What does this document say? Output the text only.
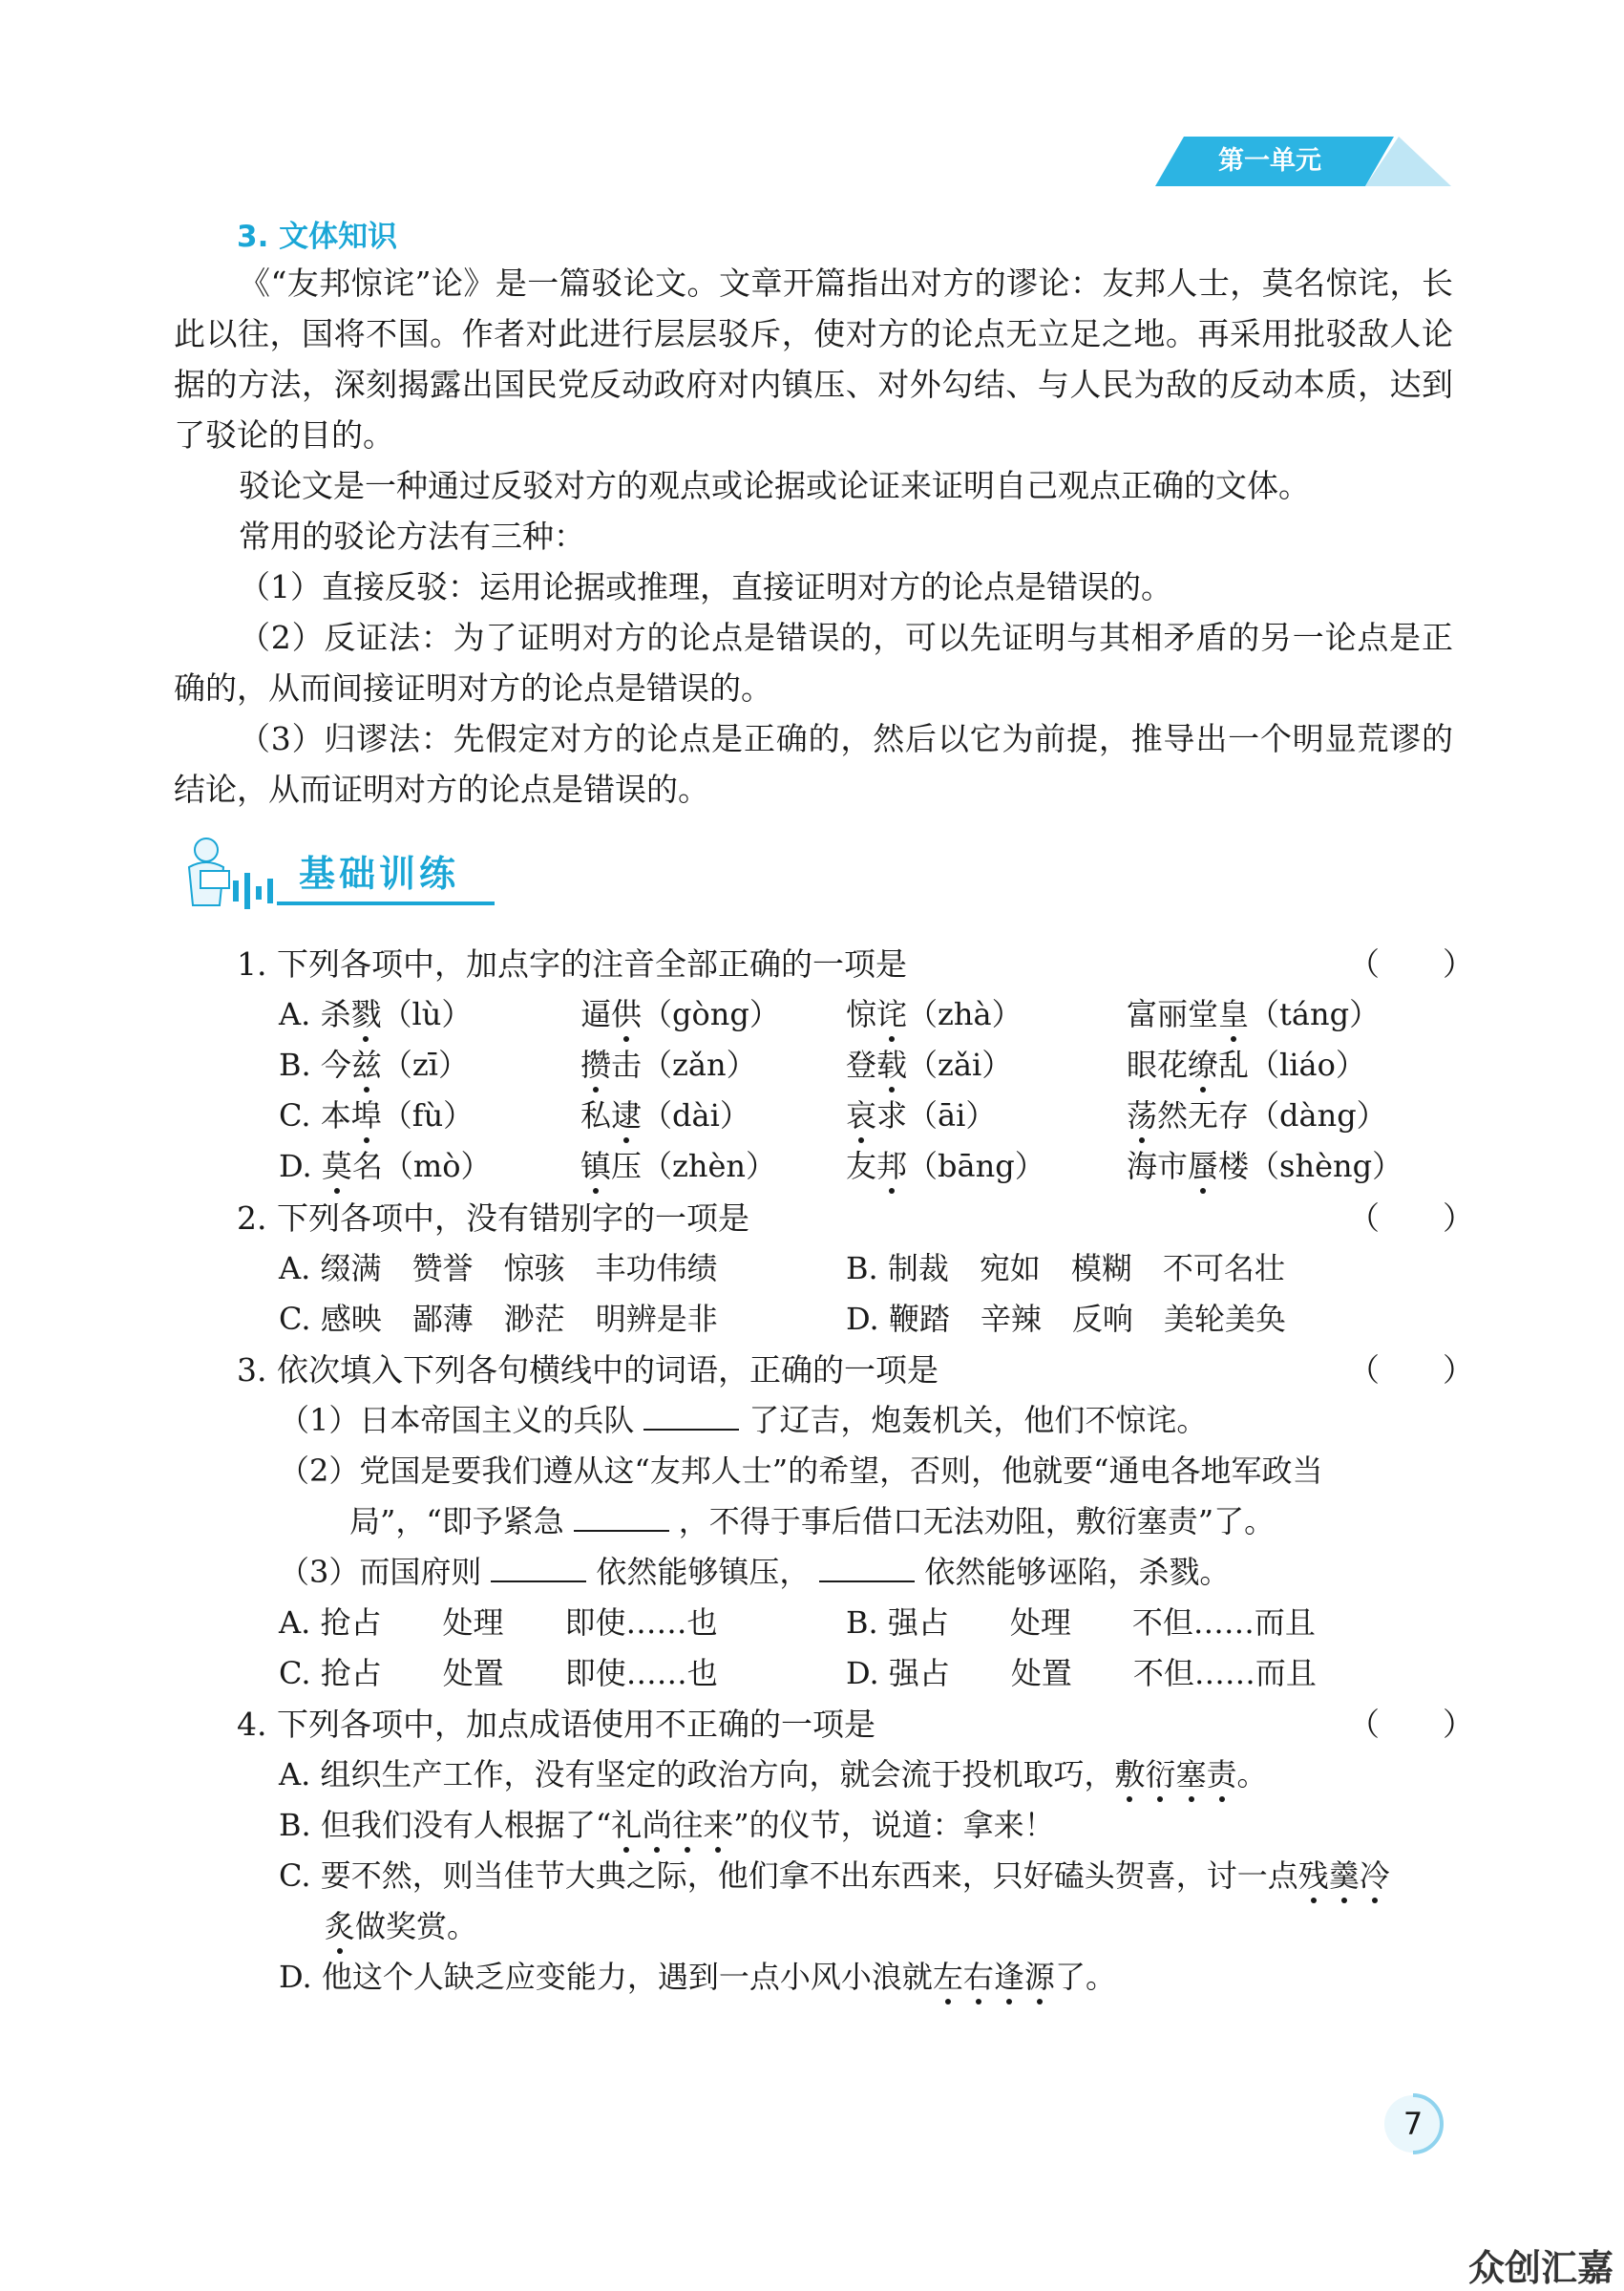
第一单元
3. 文体知识
《“友邦惊诧”论》是一篇驳论文。文章开篇指出对方的谬论：友邦人士，莫名惊诧，长此以往，国将不国。作者对此进行层层驳斥，使对方的论点无立足之地。再采用批驳敌人论据的方法，深刻揭露出国民党反动政府对内镇压、对外勾结、与人民为敌的反动本质，达到了驳论的目的。
驳论文是一种通过反驳对方的观点或论据或论证来证明自己观点正确的文体。
常用的驳论方法有三种：
（1）直接反驳：运用论据或推理，直接证明对方的论点是错误的。
（2）反证法：为了证明对方的论点是错误的，可以先证明与其相矛盾的另一论点是正确的，从而间接证明对方的论点是错误的。
（3）归谬法：先假定对方的论点是正确的，然后以它为前提，推导出一个明显荒谬的结论，从而证明对方的论点是错误的。
基础训练
1. 下列各项中，加点字的注音全部正确的一项是	（　　）
A. 杀戮（lù）	逼供（gòng） 惊诧（zhà）	富丽堂皇（táng）
B. 今兹（zī）	攒击（zǎn）	登载（zǎi）	眼花缭乱（liáo）
C. 本埠（fù）	私逮（dài）	哀求（āi）	荡然无存（dàng）
D. 莫名（mò）	镇压（zhèn） 友邦（bāng）	海市蜃楼（shèng）
2. 下列各项中，没有错别字的一项是	（　　）
A. 缀满　赞誉　惊骇　丰功伟绩	B. 制裁　宛如　模糊　不可名壮
C. 感映　鄙薄　渺茫　明辨是非	D. 鞭踏　辛辣　反响　美轮美奂
3. 依次填入下列各句横线中的词语，正确的一项是	（　　）
（1）日本帝国主义的兵队	了辽吉，炮轰机关，他们不惊诧。
（2）党国是要我们遵从这“友邦人士”的希望，否则，他就要“通电各地军政当
局”，“即予紧急	，不得于事后借口无法劝阻，敷衍塞责”了。
（3）而国府则	依然能够镇压，	依然能够诬陷，杀戮。
A. 抢占　　处理　　即使……也	B. 强占　　处理　　不但……而且
C. 抢占　　处置　　即使……也	D. 强占　　处置　　不但……而且
4. 下列各项中，加点成语使用不正确的一项是	（　　）
A. 组织生产工作，没有坚定的政治方向，就会流于投机取巧，敷衍塞责。
B. 但我们没有人根据了“礼尚往来”的仪节，说道：拿来！
C. 要不然，则当佳节大典之际，他们拿不出东西来，只好磕头贺喜，讨一点残羹冷
炙做奖赏。
D. 他这个人缺乏应变能力，遇到一点小风小浪就左右逢源了。
7
众创汇嘉
